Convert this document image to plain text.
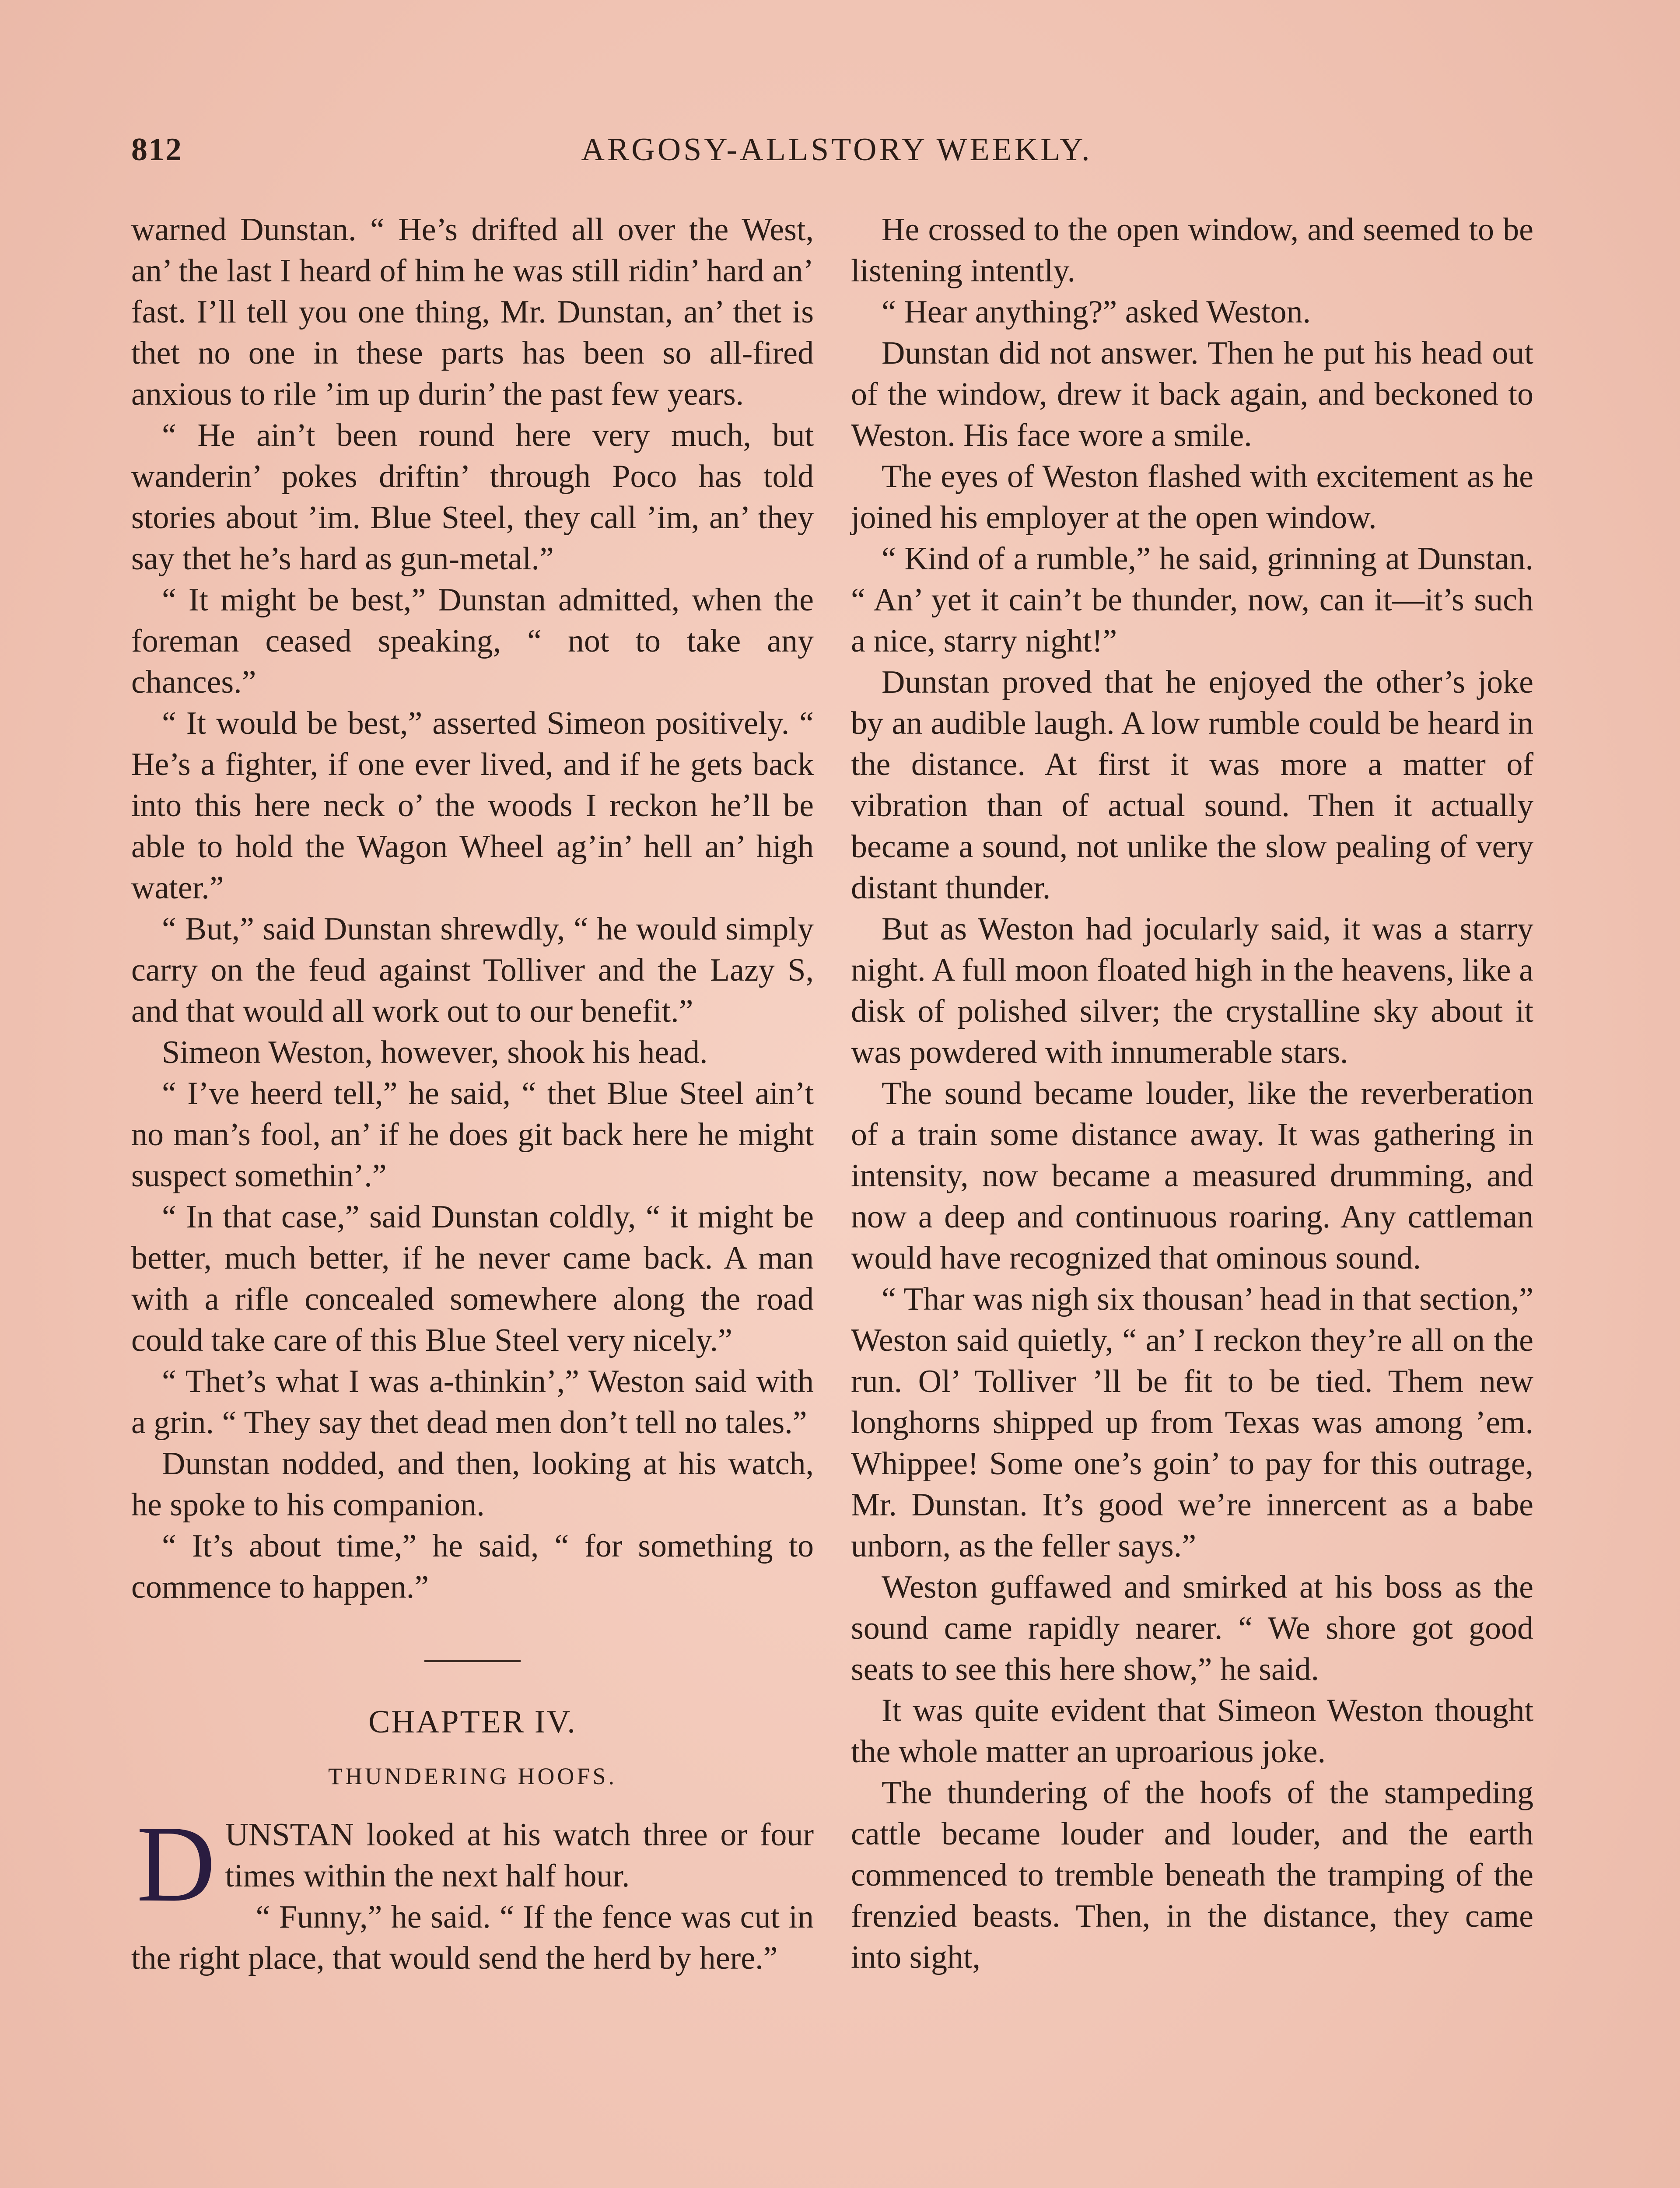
812	ARGOSY-ALLSTORY WEEKLY.

warned Dunstan. “ He’s drifted all over the West, an’ the last I heard of him he was still ridin’ hard an’ fast. I’ll tell you one thing, Mr. Dunstan, an’ thet is thet no one in these parts has been so all-fired anxious to rile ’im up durin’ the past few years.

“ He ain’t been round here very much, but wanderin’ pokes driftin’ through Poco has told stories about ’im. Blue Steel, they call ’im, an’ they say thet he’s hard as gun-metal.”

“ It might be best,” Dunstan admitted, when the foreman ceased speaking, “ not to take any chances.”

“ It would be best,” asserted Simeon positively. “ He’s a fighter, if one ever lived, and if he gets back into this here neck o’ the woods I reckon he’ll be able to hold the Wagon Wheel ag’in’ hell an’ high water.”

“ But,” said Dunstan shrewdly, “ he would simply carry on the feud against Tolliver and the Lazy S, and that would all work out to our benefit.”

Simeon Weston, however, shook his head.

“ I’ve heerd tell,” he said, “ thet Blue Steel ain’t no man’s fool, an’ if he does git back here he might suspect somethin’.”

“ In that case,” said Dunstan coldly, “ it might be better, much better, if he never came back. A man with a rifle concealed somewhere along the road could take care of this Blue Steel very nicely.”

“ Thet’s what I was a-thinkin’,” Weston said with a grin. “ They say thet dead men don’t tell no tales.”

Dunstan nodded, and then, looking at his watch, he spoke to his companion.

“ It’s about time,” he said, “ for something to commence to happen.”

CHAPTER IV.
THUNDERING HOOFS.

DUNSTAN looked at his watch three or four times within the next half hour.

“ Funny,” he said. “ If the fence was cut in the right place, that would send the herd by here.”

He crossed to the open window, and seemed to be listening intently.

“ Hear anything?” asked Weston.

Dunstan did not answer. Then he put his head out of the window, drew it back again, and beckoned to Weston. His face wore a smile.

The eyes of Weston flashed with excitement as he joined his employer at the open window.

“ Kind of a rumble,” he said, grinning at Dunstan. “ An’ yet it cain’t be thunder, now, can it—it’s such a nice, starry night!”

Dunstan proved that he enjoyed the other’s joke by an audible laugh. A low rumble could be heard in the distance. At first it was more a matter of vibration than of actual sound. Then it actually became a sound, not unlike the slow pealing of very distant thunder.

But as Weston had jocularly said, it was a starry night. A full moon floated high in the heavens, like a disk of polished silver; the crystalline sky about it was powdered with innumerable stars.

The sound became louder, like the reverberation of a train some distance away. It was gathering in intensity, now became a measured drumming, and now a deep and continuous roaring. Any cattleman would have recognized that ominous sound.

“ Thar was nigh six thousan’ head in that section,” Weston said quietly, “ an’ I reckon they’re all on the run. Ol’ Tolliver ’ll be fit to be tied. Them new longhorns shipped up from Texas was among ’em. Whippee! Some one’s goin’ to pay for this outrage, Mr. Dunstan. It’s good we’re innercent as a babe unborn, as the feller says.”

Weston guffawed and smirked at his boss as the sound came rapidly nearer. “ We shore got good seats to see this here show,” he said.

It was quite evident that Simeon Weston thought the whole matter an uproarious joke.

The thundering of the hoofs of the stampeding cattle became louder and louder, and the earth commenced to tremble beneath the tramping of the frenzied beasts. Then, in the distance, they came into sight,
